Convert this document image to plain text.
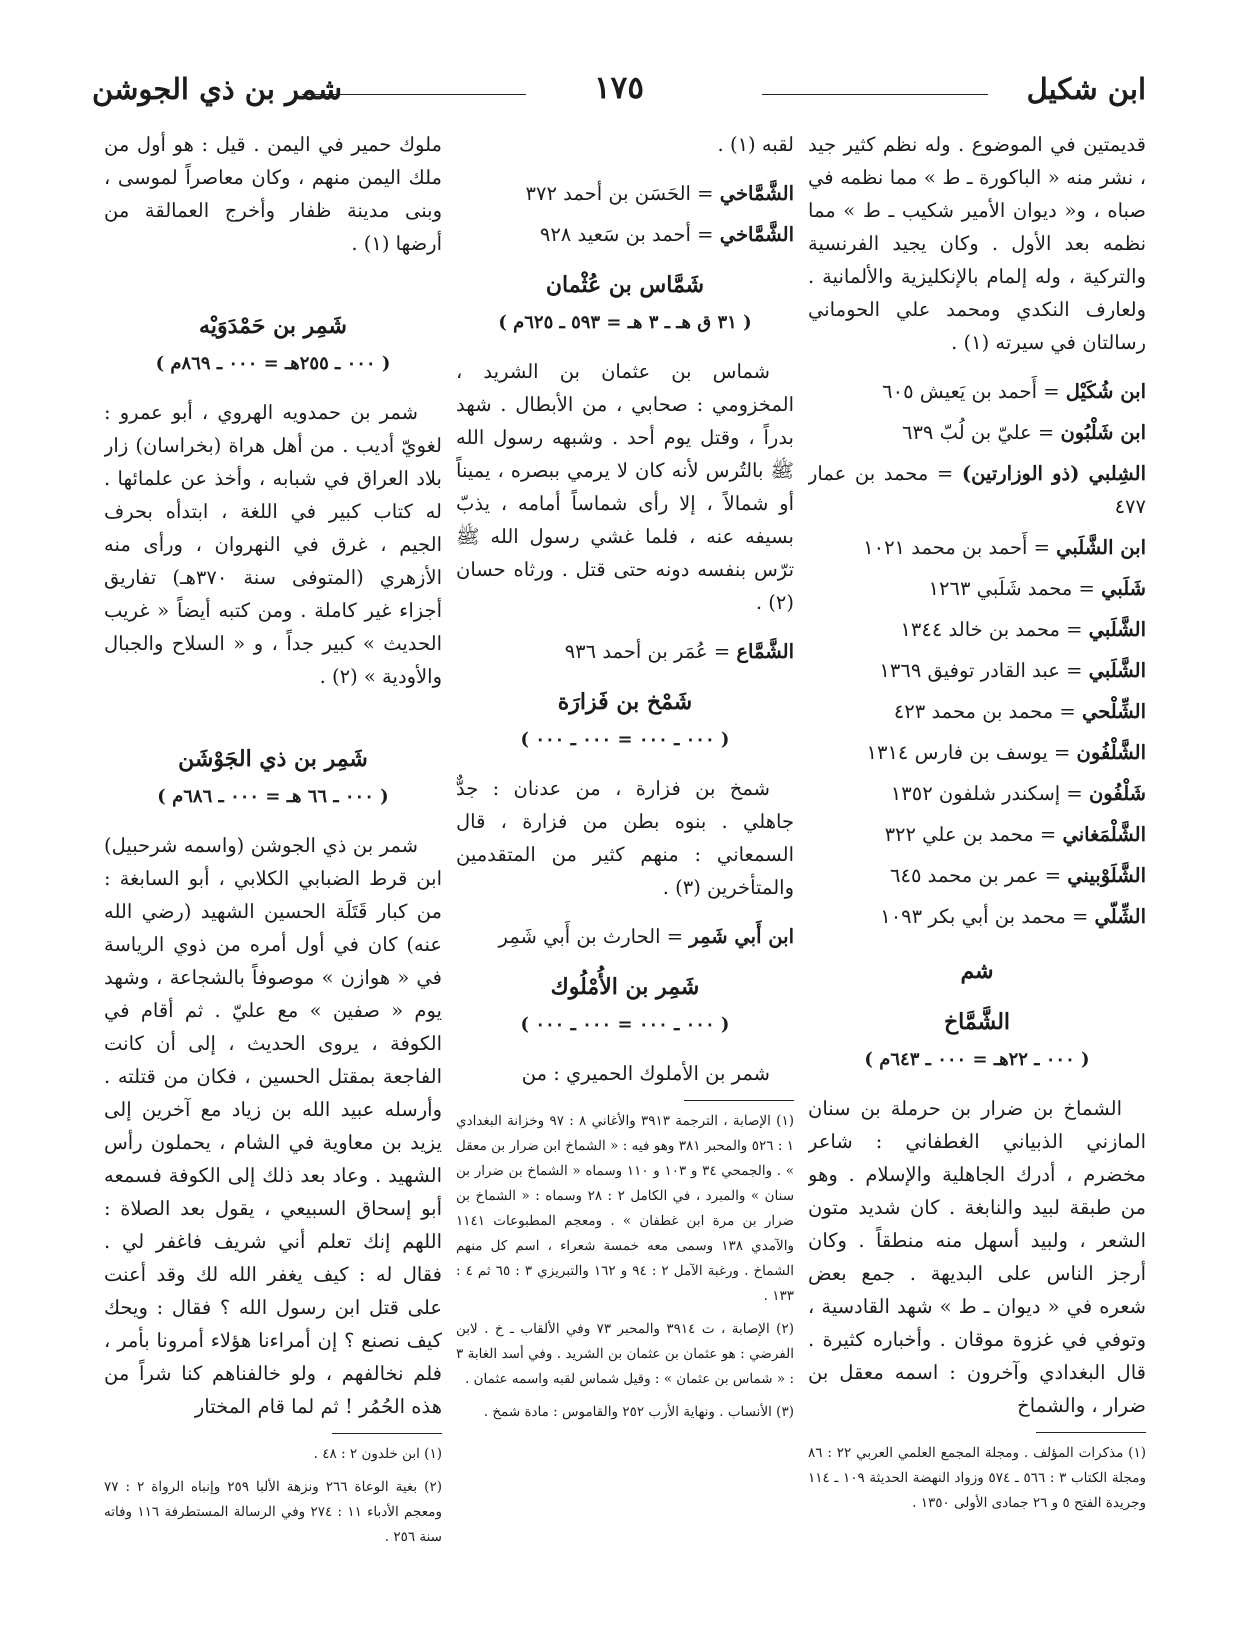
ابن شكيل
١٧٥
شمر بن ذي الجوشن

قديمتين في الموضوع . وله نظم كثير جيد ، نشر منه « الباكورة ـ ط » مما نظمه في صباه ، و« ديوان الأمير شكيب ـ ط » مما نظمه بعد الأول . وكان يجيد الفرنسية والتركية ، وله إلمام بالإنكليزية والألمانية . ولعارف النكدي ومحمد علي الحوماني رسالتان في سيرته (١) .

ابن شُكَيْل = أَحمد بن يَعيش ٦٠٥

ابن شَلْبُون = عليّ بن لُبّ ٦٣٩

الشِلبي (ذو الوزارتين) = محمد بن عمار ٤٧٧

ابن الشَّلَبي = أَحمد بن محمد ١٠٢١

شَلَبي = محمد شَلَبي ١٢٦٣

الشَّلَبي = محمد بن خالد ١٣٤٤

الشَّلَبي = عبد القادر توفيق ١٣٦٩

الشِّلْحي = محمد بن محمد ٤٢٣

الشَّلْفُون = يوسف بن فارس ١٣١٤

شَلْفُون = إسكندر شلفون ١٣٥٢

الشَّلْمَغاني = محمد بن علي ٣٢٢

الشَّلَوْبيني = عمر بن محمد ٦٤٥

الشِّلّي = محمد بن أبي بكر ١٠٩٣

شم
الشَّمَّاخ
( ٠٠٠ ـ ٢٢هـ = ٠٠٠ ـ ٦٤٣م )

الشماخ بن ضرار بن حرملة بن سنان المازني الذبياني الغطفاني : شاعر مخضرم ، أدرك الجاهلية والإسلام . وهو من طبقة لبيد والنابغة . كان شديد متون الشعر ، ولبيد أسهل منه منطقاً . وكان أرجز الناس على البديهة . جمع بعض شعره في « ديوان ـ ط » شهد القادسية ، وتوفي في غزوة موقان . وأخباره كثيرة . قال البغدادي وآخرون : اسمه معقل بن ضرار ، والشماخ

(١) مذكرات المؤلف . ومجلة المجمع العلمي العربي ٢٢ : ٨٦ ومجلة الكتاب ٣ : ٥٦٦ ـ ٥٧٤ وزواد النهضة الحديثة ١٠٩ ـ ١١٤ وجريدة الفتح ٥ و ٢٦ جمادى الأولى ١٣٥٠ .

لقبه (١) .

الشَّمَّاخي = الحَسَن بن أحمد ٣٧٢

الشَّمَّاخي = أحمد بن سَعيد ٩٢٨

شَمَّاس بن عُثْمان
( ٣١ ق هـ ـ ٣ هـ = ٥٩٣ ـ ٦٢٥م )

شماس بن عثمان بن الشريد ، المخزومي : صحابي ، من الأبطال . شهد بدراً ، وقتل يوم أحد . وشبهه رسول الله ﷺ بالتُرس لأنه كان لا يرمي ببصره ، يميناً أو شمالاً ، إلا رأى شماساً أمامه ، يذبّ بسيفه عنه ، فلما غشي رسول الله ﷺ ترّس بنفسه دونه حتى قتل . ورثاه حسان (٢) .

الشَّمَّاع = عُمَر بن أحمد ٩٣٦

شَمْخ بن فَزارَة
( ٠٠٠ ـ ٠٠٠ = ٠٠٠ ـ ٠٠٠ )

شمخ بن فزارة ، من عدنان : جدٌّ جاهلي . بنوه بطن من فزارة ، قال السمعاني : منهم كثير من المتقدمين والمتأخرين (٣) .

ابن أَبي شَمِر = الحارث بن أَبي شَمِر

شَمِر بن الأُمْلُوك
( ٠٠٠ ـ ٠٠٠ = ٠٠٠ ـ ٠٠٠ )

شمر بن الأملوك الحميري : من

(١) الإصابة ، الترجمة ٣٩١٣ والأغاني ٨ : ٩٧ وخزانة البغدادي ١ : ٥٢٦ والمحبر ٣٨١ وهو فيه : « الشماخ ابن ضرار بن معقل » . والجمحي ٣٤ و ١٠٣ و ١١٠ وسماه « الشماخ بن ضرار بن سنان » والمبرد ، في الكامل ٢ : ٢٨ وسماه : « الشماخ بن ضرار بن مرة ابن غطفان » . ومعجم المطبوعات ١١٤١ والآمدي ١٣٨ وسمى معه خمسة شعراء ، اسم كل منهم الشماخ . ورغبة الآمل ٢ : ٩٤ و ١٦٢ والتبريزي ٣ : ٦٥ ثم ٤ : ١٣٣ .

(٢) الإصابة ، ت ٣٩١٤ والمحبر ٧٣ وفي الألقاب ـ خ . لابن الفرضي : هو عثمان بن عثمان بن الشريد . وفي أسد الغابة ٣ : « شماس بن عثمان » : وقيل شماس لقبه واسمه عثمان .

(٣) الأنساب . ونهاية الأرب ٢٥٢ والقاموس : مادة شمخ .

ملوك حمير في اليمن . قيل : هو أول من ملك اليمن منهم ، وكان معاصراً لموسى ، وبنى مدينة ظفار وأخرج العمالقة من أرضها (١) .

شَمِر بن حَمْدَوَيْه
( ٠٠٠ ـ ٢٥٥هـ = ٠٠٠ ـ ٨٦٩م )

شمر بن حمدويه الهروي ، أبو عمرو : لغويّ أديب . من أهل هراة (بخراسان) زار بلاد العراق في شبابه ، وأخذ عن علمائها . له كتاب كبير في اللغة ، ابتدأه بحرف الجيم ، غرق في النهروان ، ورأى منه الأزهري (المتوفى سنة ٣٧٠هـ) تفاريق أجزاء غير كاملة . ومن كتبه أيضاً « غريب الحديث » كبير جداً ، و « السلاح والجبال والأودية » (٢) .

شَمِر بن ذي الجَوْشَن
( ٠٠٠ ـ ٦٦ هـ = ٠٠٠ ـ ٦٨٦م )

شمر بن ذي الجوشن (واسمه شرحبيل) ابن قرط الضبابي الكلابي ، أبو السابغة : من كبار قَتَلَة الحسين الشهيد (رضي الله عنه) كان في أول أمره من ذوي الرياسة في « هوازن » موصوفاً بالشجاعة ، وشهد يوم « صفين » مع عليّ . ثم أقام في الكوفة ، يروى الحديث ، إلى أن كانت الفاجعة بمقتل الحسين ، فكان من قتلته . وأرسله عبيد الله بن زياد مع آخرين إلى يزيد بن معاوية في الشام ، يحملون رأس الشهيد . وعاد بعد ذلك إلى الكوفة فسمعه أبو إسحاق السبيعي ، يقول بعد الصلاة : اللهم إنك تعلم أني شريف فاغفر لي . فقال له : كيف يغفر الله لك وقد أعنت على قتل ابن رسول الله ؟ فقال : ويحك كيف نصنع ؟ إن أمراءنا هؤلاء أمرونا بأمر ، فلم نخالفهم ، ولو خالفناهم كنا شراً من هذه الحُمُر ! ثم لما قام المختار

(١) ابن خلدون ٢ : ٤٨ .

(٢) بغية الوعاة ٢٦٦ ونزهة الألبا ٢٥٩ وإنباه الرواة ٢ : ٧٧ ومعجم الأدباء ١١ : ٢٧٤ وفي الرسالة المستطرفة ١١٦ وفاته سنة ٢٥٦ .
